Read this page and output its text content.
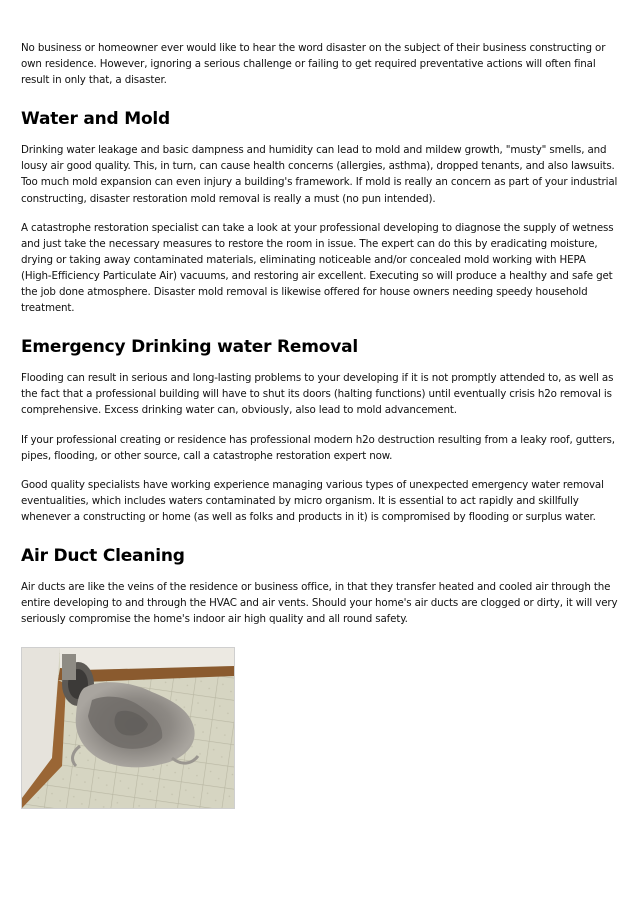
No business or homeowner ever would like to hear the word disaster on the subject of their business constructing or own residence. However, ignoring a serious challenge or failing to get required preventative actions will often final result in only that, a disaster.

Water and Mold

Drinking water leakage and basic dampness and humidity can lead to mold and mildew growth, "musty" smells, and lousy air good quality. This, in turn, can cause health concerns (allergies, asthma), dropped tenants, and also lawsuits. Too much mold expansion can even injury a building's framework. If mold is really an concern as part of your industrial constructing, disaster restoration mold removal is really a must (no pun intended).

A catastrophe restoration specialist can take a look at your professional developing to diagnose the supply of wetness and just take the necessary measures to restore the room in issue. The expert can do this by eradicating moisture, drying or taking away contaminated materials, eliminating noticeable and/or concealed mold working with HEPA (High-Efficiency Particulate Air) vacuums, and restoring air excellent. Executing so will produce a healthy and safe get the job done atmosphere. Disaster mold removal is likewise offered for house owners needing speedy household treatment.

Emergency Drinking water Removal

Flooding can result in serious and long-lasting problems to your developing if it is not promptly attended to, as well as the fact that a professional building will have to shut its doors (halting functions) until eventually crisis h2o removal is comprehensive. Excess drinking water can, obviously, also lead to mold advancement.

If your professional creating or residence has professional modern h2o destruction resulting from a leaky roof, gutters, pipes, flooding, or other source, call a catastrophe restoration expert now.

Good quality specialists have working experience managing various types of unexpected emergency water removal eventualities, which includes waters contaminated by micro organism. It is essential to act rapidly and skillfully whenever a constructing or home (as well as folks and products in it) is compromised by flooding or surplus water.

Air Duct Cleaning

Air ducts are like the veins of the residence or business office, in that they transfer heated and cooled air through the entire developing to and through the HVAC and air vents. Should your home's air ducts are clogged or dirty, it will very seriously compromise the home's indoor air high quality and all round safety.
